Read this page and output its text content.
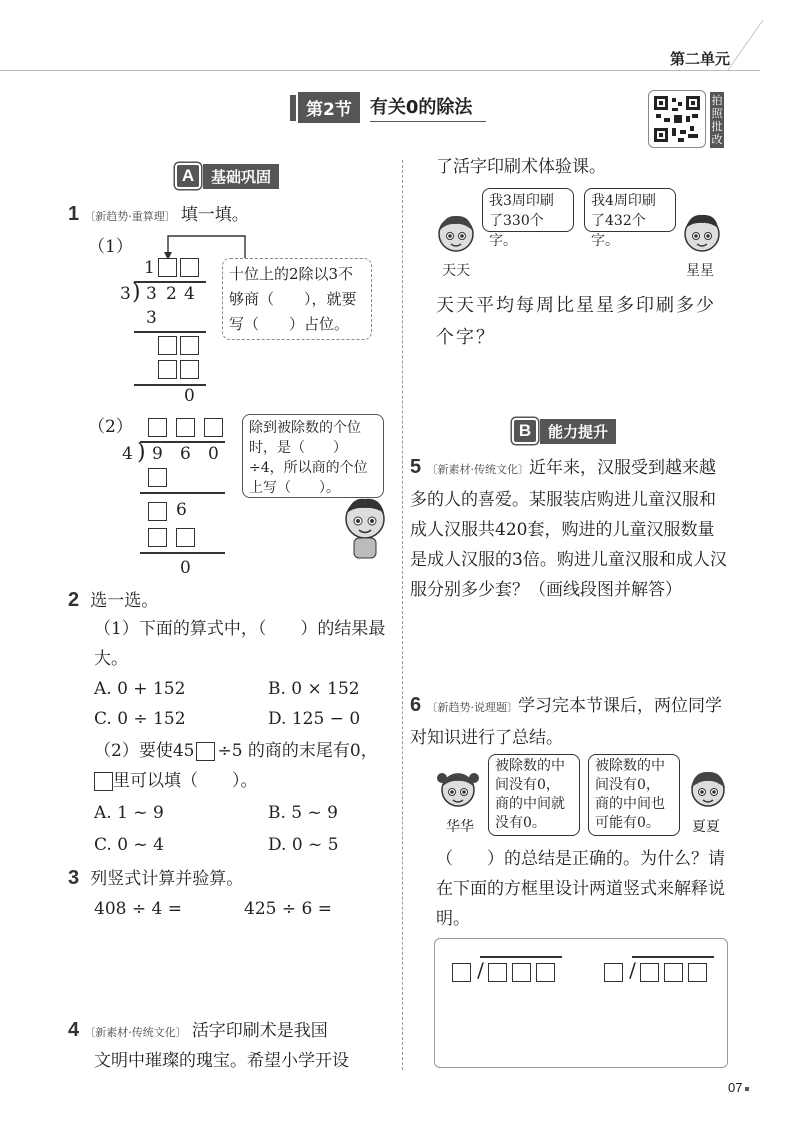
第二单元
第2节	有关0的除法	拍照批改
A	基础巩固
1 〔新趋势·重算理〕 填一填。
（1）
1
3 ) 3 2 4
3
0
十位上的2除以3不够商（　　），就要写（　　）占位。
（2）
4 ) 9 6 0
6
0
除到被除数的个位时，是（　　）÷4，所以商的个位上写（　　）。
2 选一选。
（1）下面的算式中，（　　）的结果最大。
A. 0 + 152	B. 0 × 152
C. 0 ÷ 152	D. 125 − 0
（2）要使45 ÷5 的商的末尾有0，
里可以填（　　）。
A. 1 ~ 9	B. 5 ~ 9
C. 0 ~ 4	D. 0 ~ 5
3 列竖式计算并验算。
408 ÷ 4 =	425 ÷ 6 =
4 〔新素材·传统文化〕 活字印刷术是我国
文明中璀璨的瑰宝。希望小学开设
了活字印刷术体验课。
天天
我3周印刷了330个字。
我4周印刷了432个字。
星星
天天平均每周比星星多印刷多少个字？
B	能力提升
5 〔新素材·传统文化〕近年来，汉服受到越来越多的人的喜爱。某服装店购进儿童汉服和成人汉服共420套，购进的儿童汉服数量是成人汉服的3倍。购进儿童汉服和成人汉服分别多少套？（画线段图并解答）
6 〔新趋势·说理题〕学习完本节课后，两位同学对知识进行了总结。
华华
被除数的中间没有0，商的中间就没有0。
被除数的中间没有0，商的中间也可能有0。	夏夏
（　　）的总结是正确的。为什么？请在下面的方框里设计两道竖式来解释说明。
/	/
07
